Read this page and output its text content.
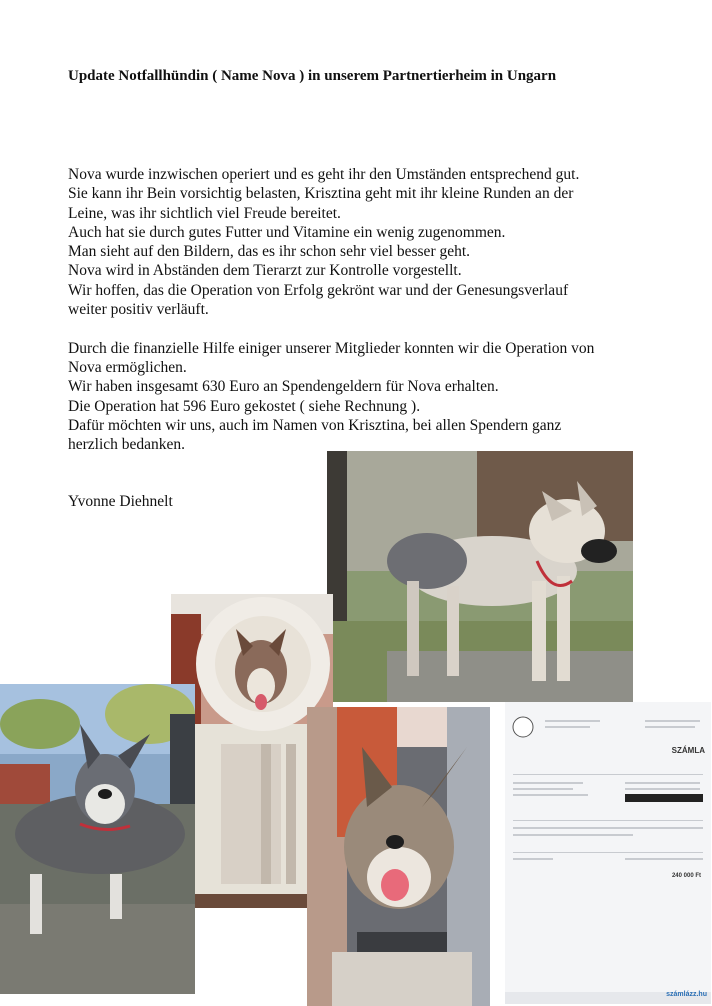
Update Notfallhündin ( Name Nova ) in unserem Partnertierheim in Ungarn

Nova wurde inzwischen operiert und es geht ihr den Umständen entsprechend gut.

Sie kann ihr Bein vorsichtig belasten, Krisztina geht mit ihr kleine Runden an der

Leine, was ihr sichtlich viel Freude bereitet.

Auch hat sie durch gutes Futter und Vitamine ein wenig zugenommen.

Man sieht auf den Bildern, das es ihr schon sehr viel besser geht.

Nova wird in Abständen dem Tierarzt zur Kontrolle vorgestellt.

Wir hoffen, das die Operation von Erfolg gekrönt war und der Genesungsverlauf

weiter positiv verläuft.

Durch die finanzielle Hilfe einiger unserer Mitglieder konnten wir die Operation von

Nova ermöglichen.

Wir haben insgesamt 630 Euro an Spendengeldern für Nova erhalten.

Die Operation hat 596 Euro gekostet ( siehe Rechnung ).

Dafür möchten wir uns, auch im Namen von Krisztina, bei allen Spendern ganz

herzlich bedanken.

Yvonne Diehnelt
SZÁMLA
240 000 Ft
számlázz.hu
